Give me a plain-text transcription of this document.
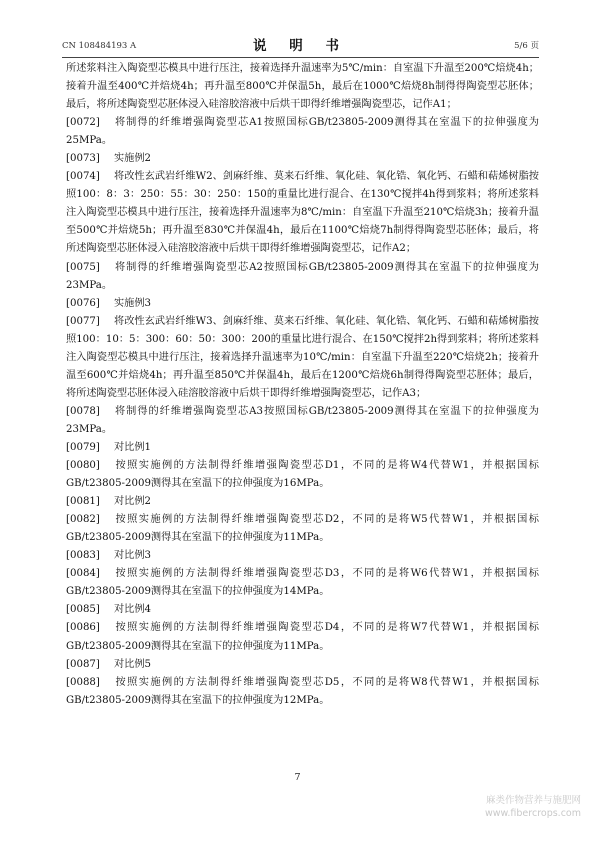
CN 108484193 A	说 明 书	5/6 页

所述浆料注入陶瓷型芯模具中进行压注，接着选择升温速率为5℃/min：自室温下升温至200℃焙烧4h；接着升温至400℃并焙烧4h；再升温至800℃并保温5h，最后在1000℃焙烧8h制得得陶瓷型芯胚体；最后，将所述陶瓷型芯胚体浸入硅溶胶溶液中后烘干即得纤维增强陶瓷型芯，记作A1；

[0072] 将制得的纤维增强陶瓷型芯A1按照国标GB/t23805-2009测得其在室温下的拉伸强度为25MPa。

[0073] 实施例2

[0074] 将改性玄武岩纤维W2、剑麻纤维、莫来石纤维、氧化硅、氧化锆、氧化钙、石蜡和萜烯树脂按照100：8：3：250：55：30：250：150的重量比进行混合、在130℃搅拌4h得到浆料；将所述浆料注入陶瓷型芯模具中进行压注，接着选择升温速率为8℃/min：自室温下升温至210℃焙烧3h；接着升温至500℃并焙烧5h；再升温至830℃并保温4h，最后在1100℃焙烧7h制得得陶瓷型芯胚体；最后，将所述陶瓷型芯胚体浸入硅溶胶溶液中后烘干即得纤维增强陶瓷型芯，记作A2；

[0075] 将制得的纤维增强陶瓷型芯A2按照国标GB/t23805-2009测得其在室温下的拉伸强度为23MPa。

[0076] 实施例3

[0077] 将改性玄武岩纤维W3、剑麻纤维、莫来石纤维、氧化硅、氧化锆、氧化钙、石蜡和萜烯树脂按照100：10：5：300：60：50：300：200的重量比进行混合、在150℃搅拌2h得到浆料；将所述浆料注入陶瓷型芯模具中进行压注，接着选择升温速率为10℃/min：自室温下升温至220℃焙烧2h；接着升温至600℃并焙烧4h；再升温至850℃并保温4h，最后在1200℃焙烧6h制得得陶瓷型芯胚体；最后，将所述陶瓷型芯胚体浸入硅溶胶溶液中后烘干即得纤维增强陶瓷型芯，记作A3；

[0078] 将制得的纤维增强陶瓷型芯A3按照国标GB/t23805-2009测得其在室温下的拉伸强度为23MPa。

[0079] 对比例1

[0080] 按照实施例的方法制得纤维增强陶瓷型芯D1，不同的是将W4代替W1，并根据国标GB/t23805-2009测得其在室温下的拉伸强度为16MPa。

[0081] 对比例2

[0082] 按照实施例的方法制得纤维增强陶瓷型芯D2，不同的是将W5代替W1，并根据国标GB/t23805-2009测得其在室温下的拉伸强度为11MPa。

[0083] 对比例3

[0084] 按照实施例的方法制得纤维增强陶瓷型芯D3，不同的是将W6代替W1，并根据国标GB/t23805-2009测得其在室温下的拉伸强度为14MPa。

[0085] 对比例4

[0086] 按照实施例的方法制得纤维增强陶瓷型芯D4，不同的是将W7代替W1，并根据国标GB/t23805-2009测得其在室温下的拉伸强度为11MPa。

[0087] 对比例5

[0088] 按照实施例的方法制得纤维增强陶瓷型芯D5，不同的是将W8代替W1，并根据国标GB/t23805-2009测得其在室温下的拉伸强度为12MPa。

7
麻类作物营养与施肥网
www.fibercrops.com
